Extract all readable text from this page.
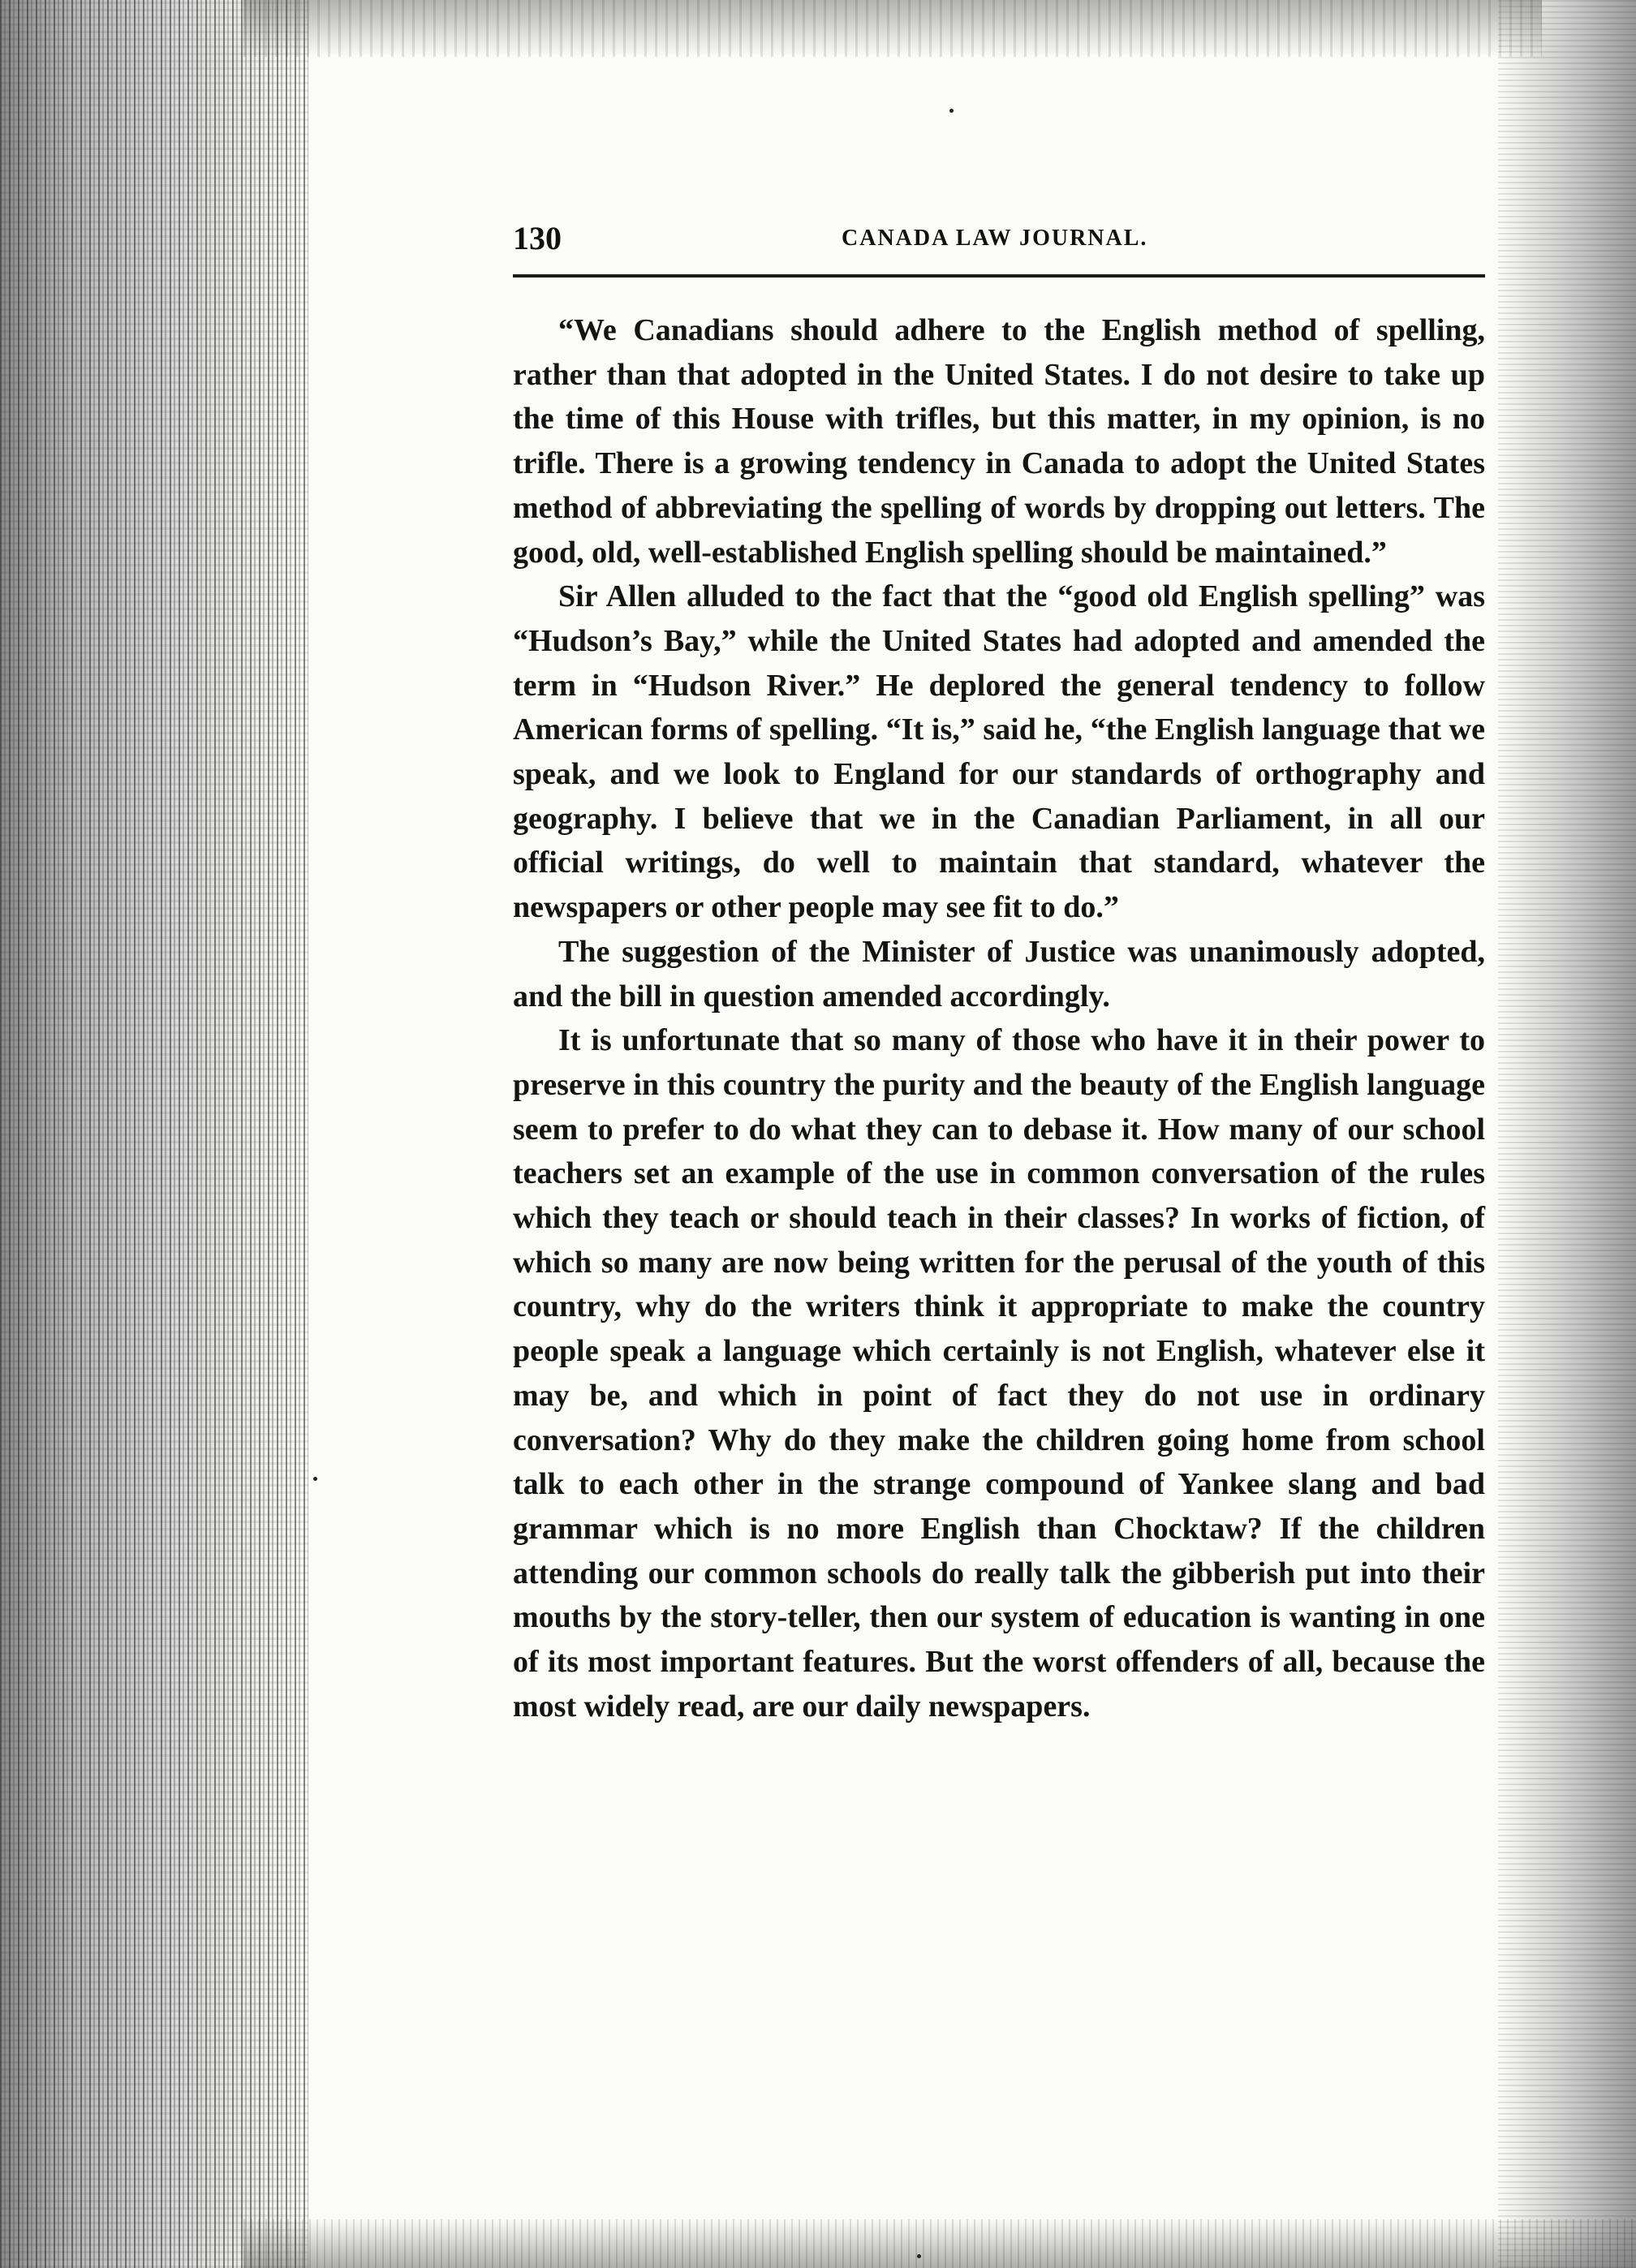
130	CANADA LAW JOURNAL.

“We Canadians should adhere to the English method of spelling, rather than that adopted in the United States. I do not desire to take up the time of this House with trifles, but this matter, in my opinion, is no trifle. There is a growing tendency in Canada to adopt the United States method of abbreviating the spelling of words by dropping out letters. The good, old, well-established English spelling should be maintained.”

Sir Allen alluded to the fact that the “good old English spelling” was “Hudson’s Bay,” while the United States had adopted and amended the term in “Hudson River.” He deplored the general tendency to follow American forms of spelling. “It is,” said he, “the English language that we speak, and we look to England for our standards of orthography and geography. I believe that we in the Canadian Parliament, in all our official writings, do well to maintain that standard, whatever the newspapers or other people may see fit to do.”

The suggestion of the Minister of Justice was unanimously adopted, and the bill in question amended accordingly.

It is unfortunate that so many of those who have it in their power to preserve in this country the purity and the beauty of the English language seem to prefer to do what they can to debase it. How many of our school teachers set an example of the use in common conversation of the rules which they teach or should teach in their classes? In works of fiction, of which so many are now being written for the perusal of the youth of this country, why do the writers think it appropriate to make the country people speak a language which certainly is not English, whatever else it may be, and which in point of fact they do not use in ordinary conversation? Why do they make the children going home from school talk to each other in the strange compound of Yankee slang and bad grammar which is no more English than Chocktaw? If the children attending our common schools do really talk the gibberish put into their mouths by the story-teller, then our system of education is wanting in one of its most important features. But the worst offenders of all, because the most widely read, are our daily newspapers.
